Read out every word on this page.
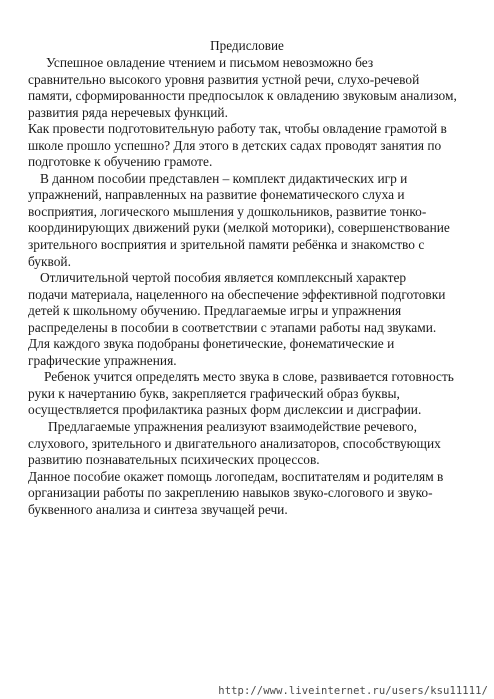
Предисловие
Успешное овладение чтением и письмом невозможно без
сравнительно высокого уровня развития устной речи, слухо-речевой
памяти, сформированности предпосылок к овладению звуковым анализом,
развития ряда неречевых функций.
Как провести подготовительную работу так, чтобы овладение грамотой в
школе прошло успешно? Для этого в детских садах проводят занятия по
подготовке к обучению грамоте.
В данном пособии представлен – комплект дидактических игр и
упражнений, направленных на развитие фонематического слуха и
восприятия, логического мышления у дошкольников, развитие тонко-
координирующих движений руки (мелкой моторики), совершенствование
зрительного восприятия и зрительной памяти ребёнка и знакомство с
буквой.
Отличительной чертой пособия является комплексный характер
подачи материала, нацеленного на обеспечение эффективной подготовки
детей к школьному обучению. Предлагаемые игры и упражнения
распределены в пособии в соответствии с этапами работы над звуками.
Для каждого звука подобраны фонетические, фонематические и
графические упражнения.
Ребенок учится определять место звука в слове, развивается готовность
руки к начертанию букв, закрепляется графический образ буквы,
осуществляется профилактика разных форм дислексии и дисграфии.
Предлагаемые упражнения реализуют взаимодействие речевого,
слухового, зрительного и двигательного анализаторов, способствующих
развитию познавательных психических процессов.
Данное пособие окажет помощь логопедам, воспитателям и родителям в
организации работы по закреплению навыков звуко-слогового и звуко-
буквенного анализа и синтеза звучащей речи.
http://www.liveinternet.ru/users/ksu11111/
